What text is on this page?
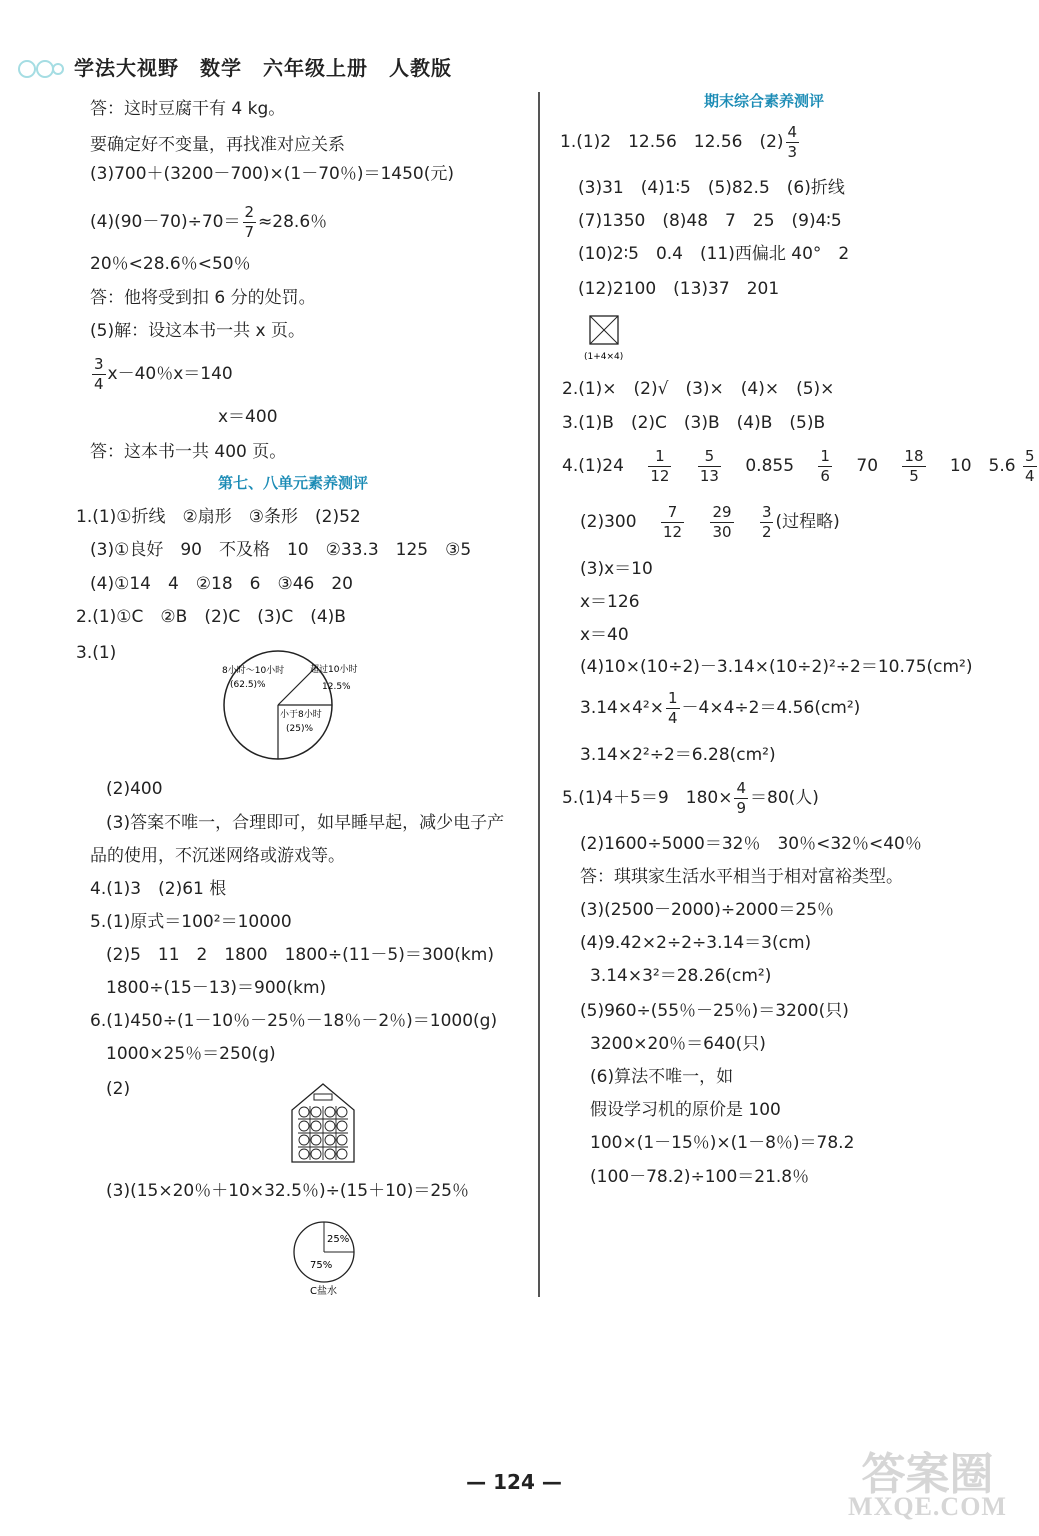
学法大视野　数学　六年级上册　人教版
答：这时豆腐干有 4 kg。
要确定好不变量，再找准对应关系
(3)700＋(3200－700)×(1－70％)＝1450(元)
$(4)(90-70)\div 70= \frac{2}{7} \approx 28.6$％
20％<28.6％<50％
答：他将受到扣 6 分的处罚。
(5)解：设这本书一共 x 页。
$\frac{3}{4} x-40$％x＝140
x＝400
答：这本书一共 400 页。
第七、八单元素养测评
1.(1)①折线　②扇形　③条形　(2)52
(3)①良好　90　不及格　10　②33.3　125　③5
(4)①14　4　②18　6　③46　20
2.(1)①C　②B　(2)C　(3)C　(4)B
3.(1)
8小时～10小时
(62.5)%
超过10小时
12.5%
小于8小时
(25)%
(2)400
(3)答案不唯一，合理即可，如早睡早起，减少电子产
品的使用，不沉迷网络或游戏等。
4.(1)3　(2)61 根
5.(1)原式＝100²＝10000
(2)5　11　2　1800　1800÷(11－5)＝300(km)
1800÷(15－13)＝900(km)
6.(1)450÷(1－10％－25％－18％－2％)＝1000(g)
1000×25％＝250(g)
(2)
(3)(15×20％＋10×32.5％)÷(15＋10)＝25％
25%
75%
C盐水
期末综合素养测评
1.(1)2　12.56　12.56　$(2) \frac{4}{3}$
(3)31　(4)1∶5　(5)82.5　(6)折线
(7)1350　(8)48　7　25　(9)4∶5
(10)2∶5　0.4　(11)西偏北 40°　2
(12)2100　(13)37　201
(1+4×4)
2.(1)×　(2)√　(3)×　(4)×　(5)×
3.(1)B　(2)C　(3)B　(4)B　(5)B
4.(1)24　 $\frac{1}{12}$
　 $\frac{5}{13}$
　 0.855　 $\frac{1}{6}$
　 70　 $\frac{18}{5}$
　 10　$5.6 \frac{5}{4}$
(2)300　 $\frac{7}{12}$
　 $\frac{29}{30}$
　 $\frac{3}{2}$ (过程略)
(3)x＝10
x＝126
x＝40
(4)10×(10÷2)－3.14×(10÷2)²÷2＝10.75(cm²)
$3.14\times 4^2\times \frac{1}{4} -4\times 4\div 2=4.56(cm^2)$
3.14×2²÷2＝6.28(cm²)
5.(1)4＋5＝9　$180\times \frac{4}{9} =80$(人)
(2)1600÷5000＝32％　30％<32％<40％
答：琪琪家生活水平相当于相对富裕类型。
(3)(2500－2000)÷2000＝25％
(4)9.42×2÷2÷3.14＝3(cm)
3.14×3²＝28.26(cm²)
(5)960÷(55％－25％)＝3200(只)
3200×20％＝640(只)
(6)算法不唯一，如
假设学习机的原价是 100
100×(1－15％)×(1－8％)＝78.2
(100－78.2)÷100＝21.8％
— 124 —	答案圈
MXQE.COM
